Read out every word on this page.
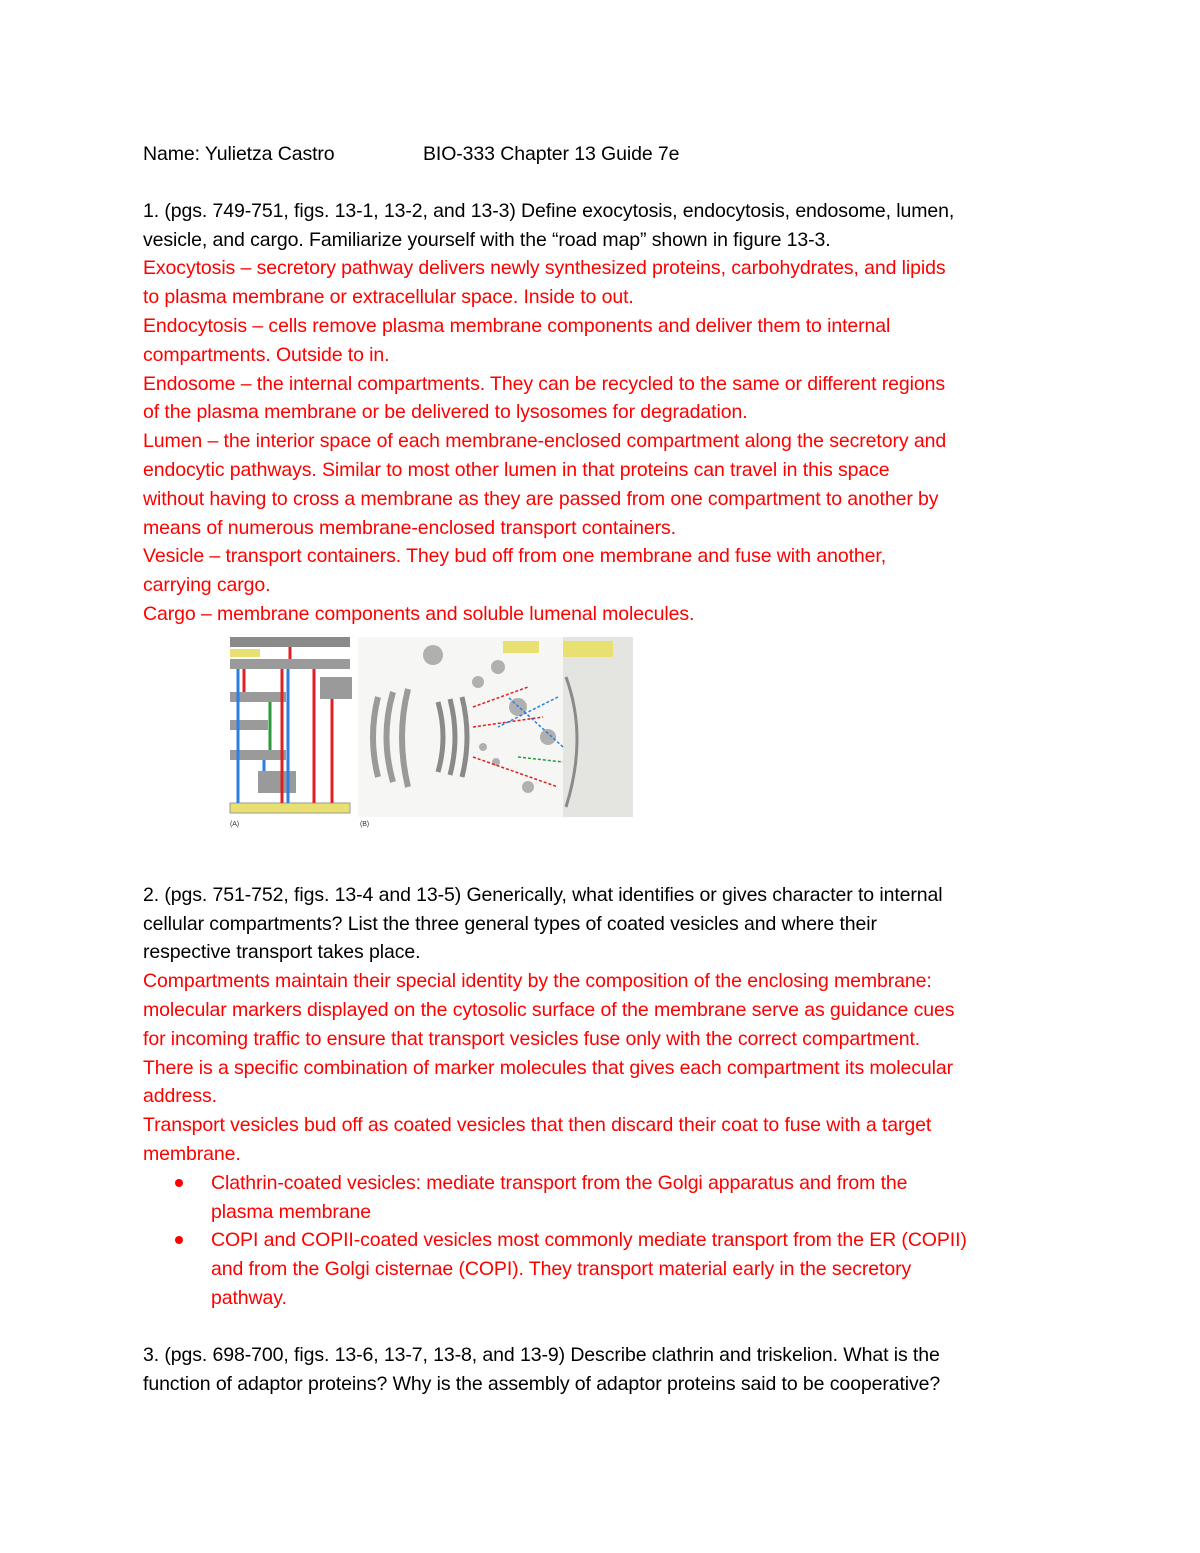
Name: Yulietza Castro	BIO-333 Chapter 13 Guide 7e

1. (pgs. 749-751, figs. 13-1, 13-2, and 13-3) Define exocytosis, endocytosis, endosome, lumen,

vesicle, and cargo. Familiarize yourself with the “road map” shown in figure 13-3.

Exocytosis – secretory pathway delivers newly synthesized proteins, carbohydrates, and lipids

to plasma membrane or extracellular space. Inside to out.

Endocytosis – cells remove plasma membrane components and deliver them to internal

compartments. Outside to in.

Endosome – the internal compartments. They can be recycled to the same or different regions

of the plasma membrane or be delivered to lysosomes for degradation.

Lumen – the interior space of each membrane-enclosed compartment along the secretory and

endocytic pathways. Similar to most other lumen in that proteins can travel in this space

without having to cross a membrane as they are passed from one compartment to another by

means of numerous membrane-enclosed transport containers.

Vesicle – transport containers. They bud off from one membrane and fuse with another,

carrying cargo.

Cargo – membrane components and soluble lumenal molecules.

(A)	(B)

2. (pgs. 751-752, figs. 13-4 and 13-5) Generically, what identifies or gives character to internal

cellular compartments? List the three general types of coated vesicles and where their

respective transport takes place.

Compartments maintain their special identity by the composition of the enclosing membrane:

molecular markers displayed on the cytosolic surface of the membrane serve as guidance cues

for incoming traffic to ensure that transport vesicles fuse only with the correct compartment.

There is a specific combination of marker molecules that gives each compartment its molecular

address.

Transport vesicles bud off as coated vesicles that then discard their coat to fuse with a target

membrane.

Clathrin-coated vesicles: mediate transport from the Golgi apparatus and from the

plasma membrane

COPI and COPII-coated vesicles most commonly mediate transport from the ER (COPII)

and from the Golgi cisternae (COPI). They transport material early in the secretory

pathway.

3. (pgs. 698-700, figs. 13-6, 13-7, 13-8, and 13-9) Describe clathrin and triskelion. What is the

function of adaptor proteins? Why is the assembly of adaptor proteins said to be cooperative?
